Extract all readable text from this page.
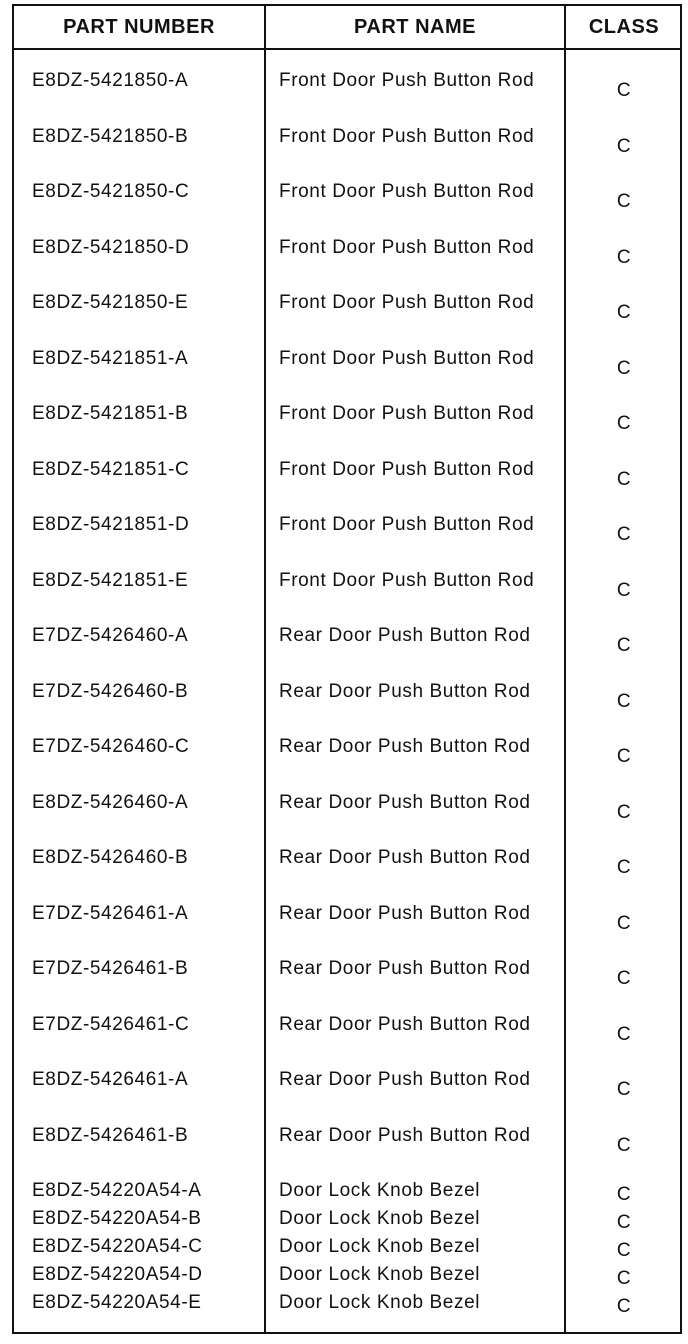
PART NUMBER	PART NAME	CLASS
E8DZ-5421850-A	Front Door Push Button Rod	C
E8DZ-5421850-B	Front Door Push Button Rod	C
E8DZ-5421850-C	Front Door Push Button Rod	C
E8DZ-5421850-D	Front Door Push Button Rod	C
E8DZ-5421850-E	Front Door Push Button Rod	C
E8DZ-5421851-A	Front Door Push Button Rod	C
E8DZ-5421851-B	Front Door Push Button Rod	C
E8DZ-5421851-C	Front Door Push Button Rod	C
E8DZ-5421851-D	Front Door Push Button Rod	C
E8DZ-5421851-E	Front Door Push Button Rod	C
E7DZ-5426460-A	Rear Door Push Button Rod	C
E7DZ-5426460-B	Rear Door Push Button Rod	C
E7DZ-5426460-C	Rear Door Push Button Rod	C
E8DZ-5426460-A	Rear Door Push Button Rod	C
E8DZ-5426460-B	Rear Door Push Button Rod	C
E7DZ-5426461-A	Rear Door Push Button Rod	C
E7DZ-5426461-B	Rear Door Push Button Rod	C
E7DZ-5426461-C	Rear Door Push Button Rod	C
E8DZ-5426461-A	Rear Door Push Button Rod	C
E8DZ-5426461-B	Rear Door Push Button Rod	C
E8DZ-54220A54-A	Door Lock Knob Bezel	C
E8DZ-54220A54-B	Door Lock Knob Bezel	C
E8DZ-54220A54-C	Door Lock Knob Bezel	C
E8DZ-54220A54-D	Door Lock Knob Bezel	C
E8DZ-54220A54-E	Door Lock Knob Bezel	C
